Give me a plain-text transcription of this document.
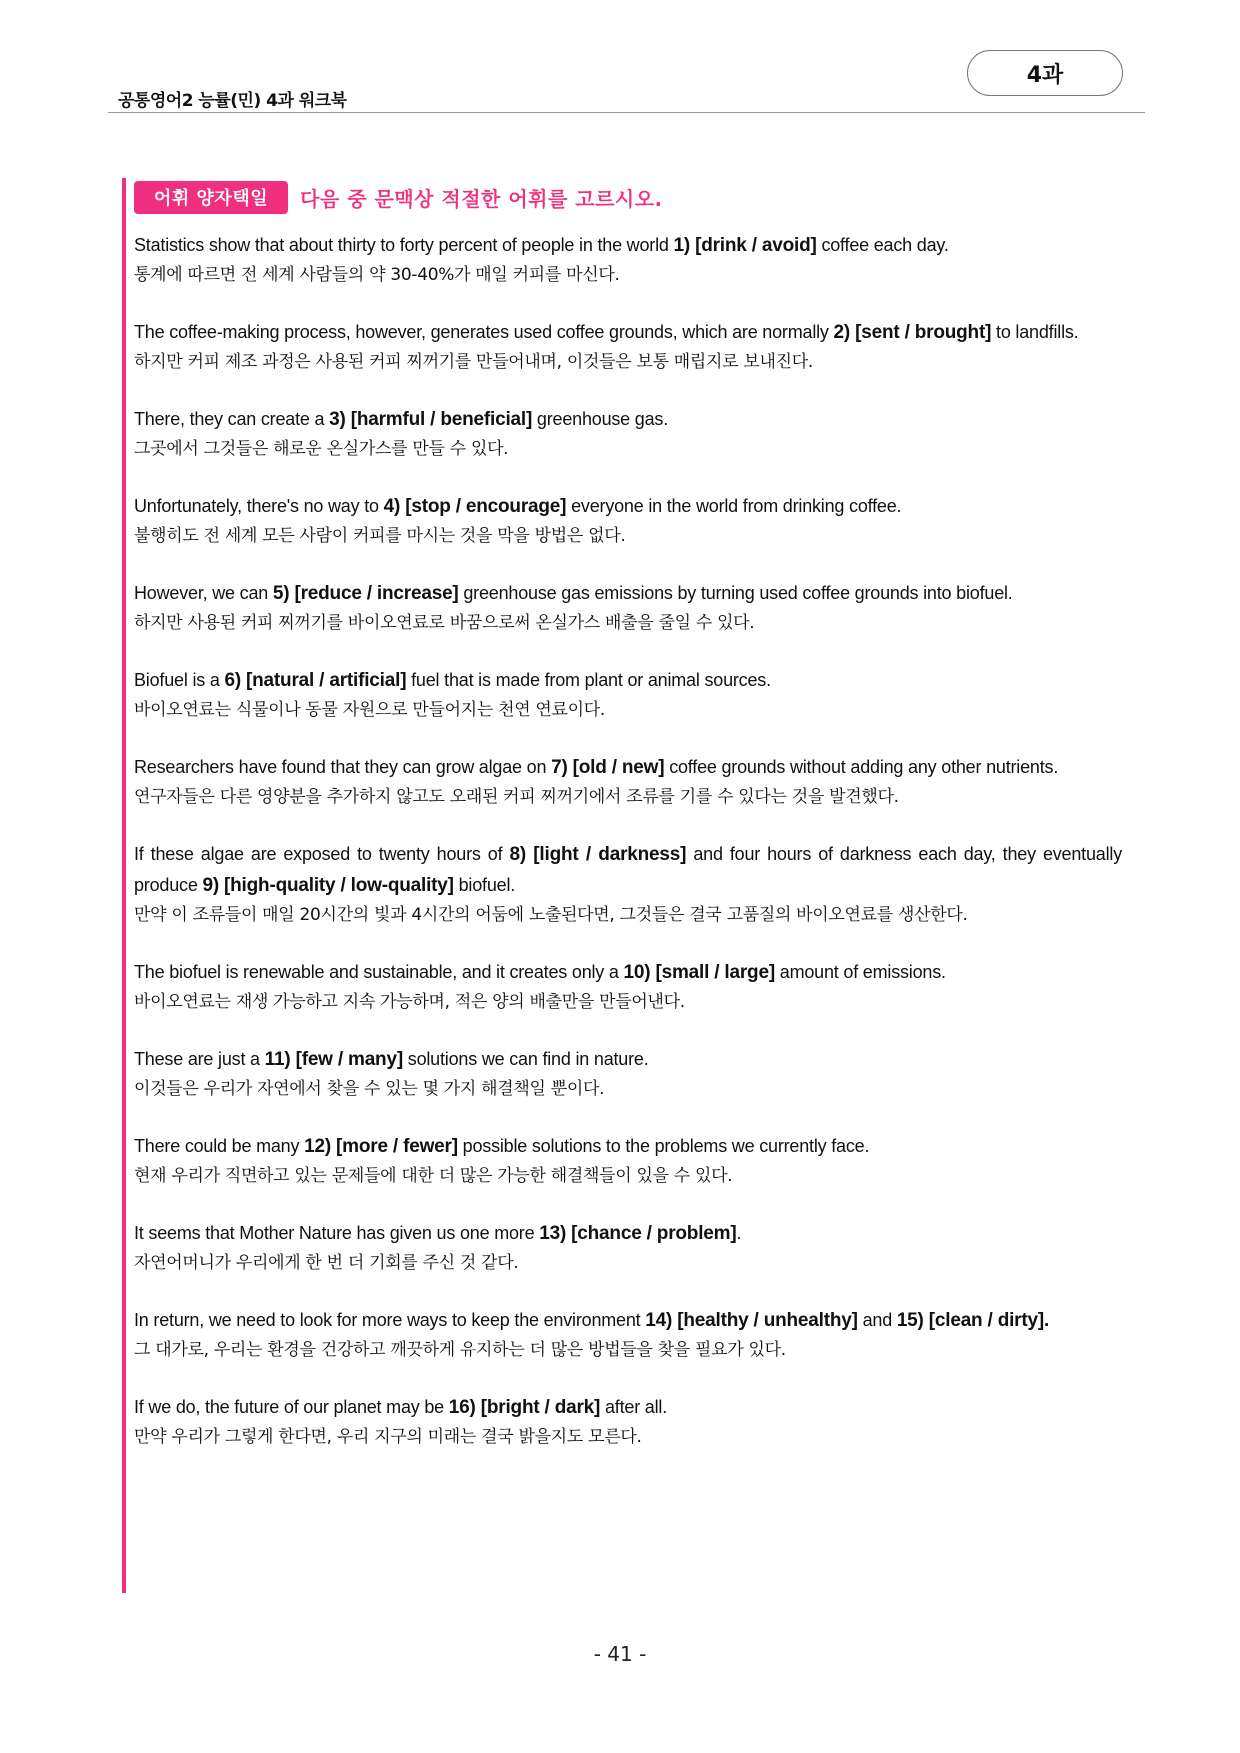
공통영어2 능률(민) 4과 워크북
4과
어휘 양자택일	다음 중 문맥상 적절한 어휘를 고르시오.
Statistics show that about thirty to forty percent of people in the world 1) [drink / avoid] coffee each day.
통계에 따르면 전 세계 사람들의 약 30-40%가 매일 커피를 마신다.
The coffee-making process, however, generates used coffee grounds, which are normally 2) [sent / brought] to landfills.
하지만 커피 제조 과정은 사용된 커피 찌꺼기를 만들어내며, 이것들은 보통 매립지로 보내진다.
There, they can create a 3) [harmful / beneficial] greenhouse gas.
그곳에서 그것들은 해로운 온실가스를 만들 수 있다.
Unfortunately, there's no way to 4) [stop / encourage] everyone in the world from drinking coffee.
불행히도 전 세계 모든 사람이 커피를 마시는 것을 막을 방법은 없다.
However, we can 5) [reduce / increase] greenhouse gas emissions by turning used coffee grounds into biofuel.
하지만 사용된 커피 찌꺼기를 바이오연료로 바꿈으로써 온실가스 배출을 줄일 수 있다.
Biofuel is a 6) [natural / artificial] fuel that is made from plant or animal sources.
바이오연료는 식물이나 동물 자원으로 만들어지는 천연 연료이다.
Researchers have found that they can grow algae on 7) [old / new] coffee grounds without adding any other nutrients.
연구자들은 다른 영양분을 추가하지 않고도 오래된 커피 찌꺼기에서 조류를 기를 수 있다는 것을 발견했다.
If these algae are exposed to twenty hours of 8) [light / darkness] and four hours of darkness each day, they eventually produce 9) [high-quality / low-quality] biofuel.
만약 이 조류들이 매일 20시간의 빛과 4시간의 어둠에 노출된다면, 그것들은 결국 고품질의 바이오연료를 생산한다.
The biofuel is renewable and sustainable, and it creates only a 10) [small / large] amount of emissions.
바이오연료는 재생 가능하고 지속 가능하며, 적은 양의 배출만을 만들어낸다.
These are just a 11) [few / many] solutions we can find in nature.
이것들은 우리가 자연에서 찾을 수 있는 몇 가지 해결책일 뿐이다.
There could be many 12) [more / fewer] possible solutions to the problems we currently face.
현재 우리가 직면하고 있는 문제들에 대한 더 많은 가능한 해결책들이 있을 수 있다.
It seems that Mother Nature has given us one more 13) [chance / problem].
자연어머니가 우리에게 한 번 더 기회를 주신 것 같다.
In return, we need to look for more ways to keep the environment 14) [healthy / unhealthy] and 15) [clean / dirty].
그 대가로, 우리는 환경을 건강하고 깨끗하게 유지하는 더 많은 방법들을 찾을 필요가 있다.
If we do, the future of our planet may be 16) [bright / dark] after all.
만약 우리가 그렇게 한다면, 우리 지구의 미래는 결국 밝을지도 모른다.
- 41 -
